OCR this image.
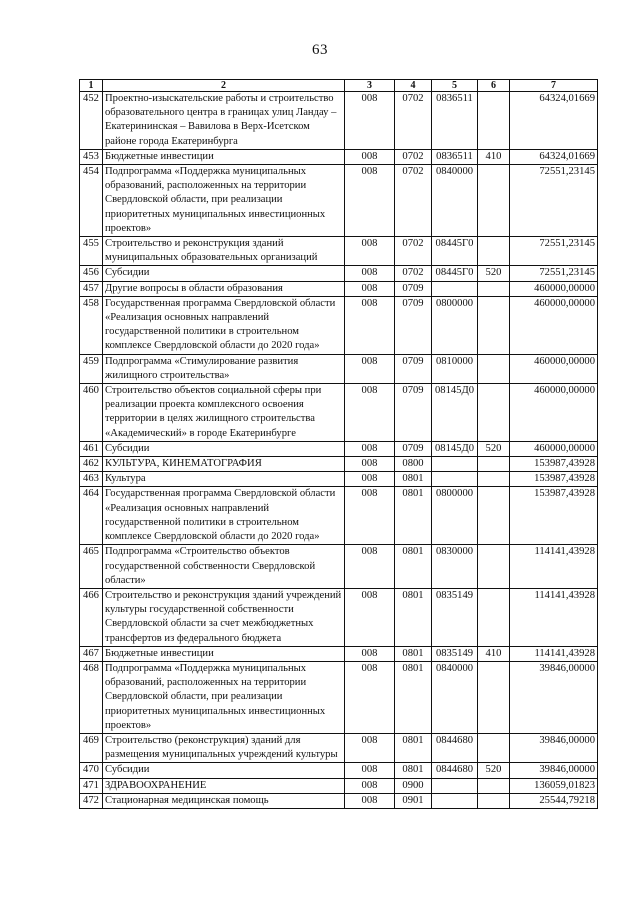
63
1	2	3	4	5	6	7
452	Проектно-изыскательские работы и строительство образовательного центра в границах улиц Ландау – Екатерининская – Вавилова в Верх-Исетском районе города Екатеринбурга	008	0702	0836511		64324,01669
453	Бюджетные инвестиции	008	0702	0836511	410	64324,01669
454	Подпрограмма «Поддержка муниципальных образований, расположенных на территории Свердловской области, при реализации приоритетных муниципальных инвестиционных проектов»	008	0702	0840000		72551,23145
455	Строительство и реконструкция зданий муниципальных образовательных организаций	008	0702	08445Г0		72551,23145
456	Субсидии	008	0702	08445Г0	520	72551,23145
457	Другие вопросы в области образования	008	0709			460000,00000
458	Государственная программа Свердловской области «Реализация основных направлений государственной политики в строительном комплексе Свердловской области до 2020 года»	008	0709	0800000		460000,00000
459	Подпрограмма «Стимулирование развития жилищного строительства»	008	0709	0810000		460000,00000
460	Строительство объектов социальной сферы при реализации проекта комплексного освоения территории в целях жилищного строительства «Академический» в городе Екатеринбурге	008	0709	08145Д0		460000,00000
461	Субсидии	008	0709	08145Д0	520	460000,00000
462	КУЛЬТУРА, КИНЕМАТОГРАФИЯ	008	0800			153987,43928
463	Культура	008	0801			153987,43928
464	Государственная программа Свердловской области «Реализация основных направлений государственной политики в строительном комплексе Свердловской области до 2020 года»	008	0801	0800000		153987,43928
465	Подпрограмма «Строительство объектов государственной собственности Свердловской области»	008	0801	0830000		114141,43928
466	Строительство и реконструкция зданий учреждений культуры государственной собственности Свердловской области за счет межбюджетных трансфертов из федерального бюджета	008	0801	0835149		114141,43928
467	Бюджетные инвестиции	008	0801	0835149	410	114141,43928
468	Подпрограмма «Поддержка муниципальных образований, расположенных на территории Свердловской области, при реализации приоритетных муниципальных инвестиционных проектов»	008	0801	0840000		39846,00000
469	Строительство (реконструкция) зданий для размещения муниципальных учреждений культуры	008	0801	0844680		39846,00000
470	Субсидии	008	0801	0844680	520	39846,00000
471	ЗДРАВООХРАНЕНИЕ	008	0900			136059,01823
472	Стационарная медицинская помощь	008	0901			25544,79218
